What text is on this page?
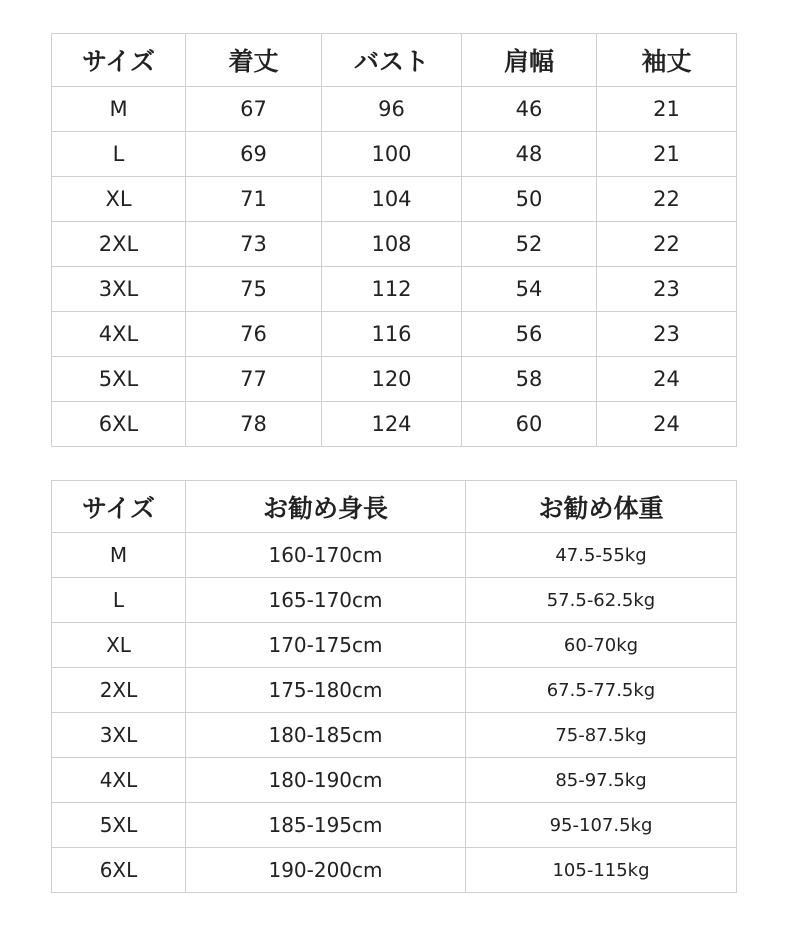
サイズ	着丈	バスト	肩幅	袖丈
M	67	96	46	21
L	69	100	48	21
XL	71	104	50	22
2XL	73	108	52	22
3XL	75	112	54	23
4XL	76	116	56	23
5XL	77	120	58	24
6XL	78	124	60	24
サイズ	お勧め身長	お勧め体重
M	160-170cm	47.5-55kg
L	165-170cm	57.5-62.5kg
XL	170-175cm	60-70kg
2XL	175-180cm	67.5-77.5kg
3XL	180-185cm	75-87.5kg
4XL	180-190cm	85-97.5kg
5XL	185-195cm	95-107.5kg
6XL	190-200cm	105-115kg
